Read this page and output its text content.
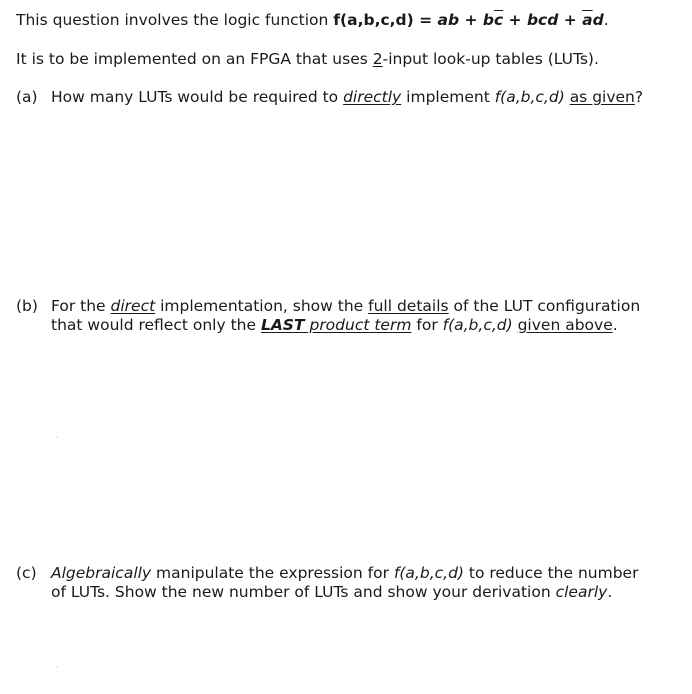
This question involves the logic function f(a,b,c,d) = ab + $b\overline{c}$ + bcd + $\overline{a}d$.
It is to be implemented on an FPGA that uses 2-input look-up tables (LUTs).
(a) How many LUTs would be required to directly implement f(a,b,c,d) as given?
(b) For the direct implementation, show the full details of the LUT configuration
that would reflect only the LAST product term for f(a,b,c,d) given above.
(c) Algebraically manipulate the expression for f(a,b,c,d) to reduce the number
of LUTs. Show the new number of LUTs and show your derivation clearly.
